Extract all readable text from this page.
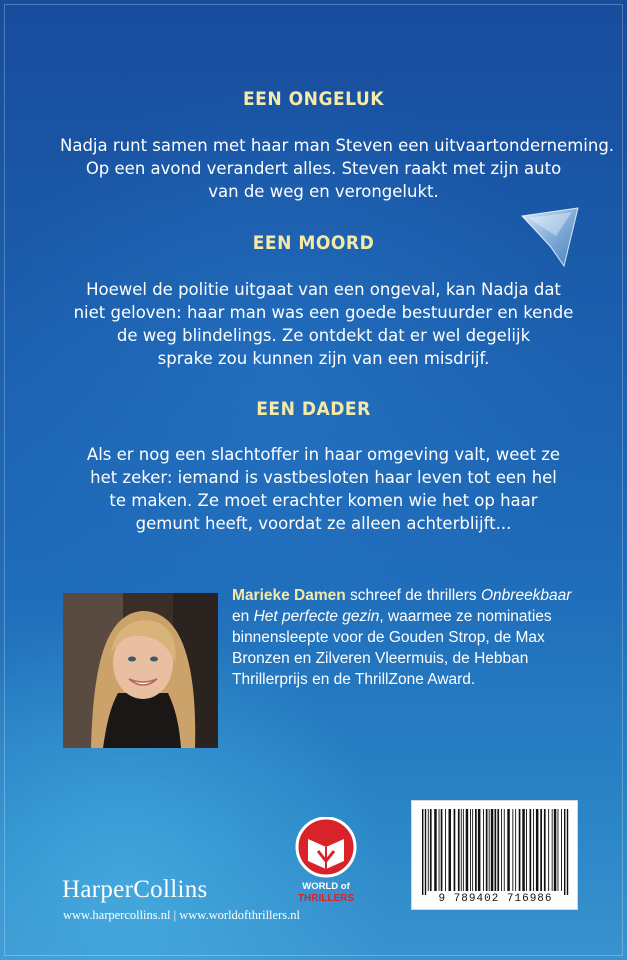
EEN ONGELUK
Nadja runt samen met haar man Steven een uitvaartonderneming.
Op een avond verandert alles. Steven raakt met zijn auto
van de weg en verongelukt.
EEN MOORD
Hoewel de politie uitgaat van een ongeval, kan Nadja dat
niet geloven: haar man was een goede bestuurder en kende
de weg blindelings. Ze ontdekt dat er wel degelijk
sprake zou kunnen zijn van een misdrijf.
EEN DADER
Als er nog een slachtoffer in haar omgeving valt, weet ze
het zeker: iemand is vastbesloten haar leven tot een hel
te maken. Ze moet erachter komen wie het op haar
gemunt heeft, voordat ze alleen achterblijft...
Marieke Damen schreef de thrillers Onbreekbaar
en Het perfecte gezin, waarmee ze nominaties
binnensleepte voor de Gouden Strop, de Max
Bronzen en Zilveren Vleermuis, de Hebban
Thrillerprijs en de ThrillZone Award.
HarperCollins
www.harpercollins.nl | www.worldofthrillers.nl
WORLD of
THRILLERS	9 789402 716986
